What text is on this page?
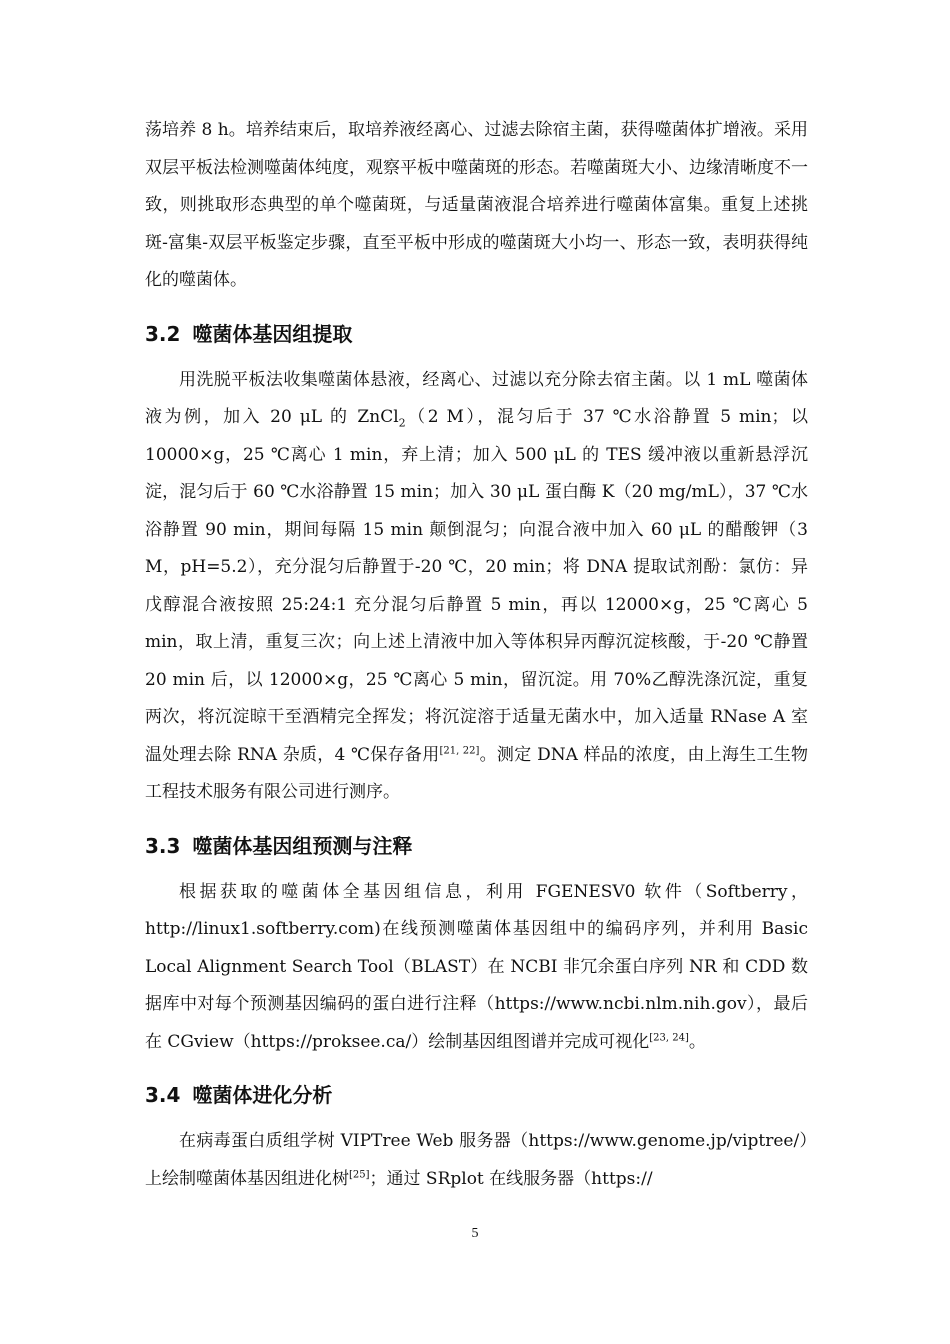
荡培养 8 h。培养结束后，取培养液经离心、过滤去除宿主菌，获得噬菌体扩增液。采用双层平板法检测噬菌体纯度，观察平板中噬菌斑的形态。若噬菌斑大小、边缘清晰度不一致，则挑取形态典型的单个噬菌斑，与适量菌液混合培养进行噬菌体富集。重复上述挑斑-富集-双层平板鉴定步骤，直至平板中形成的噬菌斑大小均一、形态一致，表明获得纯化的噬菌体。

3.2 噬菌体基因组提取

用洗脱平板法收集噬菌体悬液，经离心、过滤以充分除去宿主菌。以 1 mL 噬菌体液为例，加入 20 μL 的 ZnCl$_2$（2 M），混匀后于 37 ℃水浴静置 5 min；以 10000×g，25 ℃离心 1 min，弃上清；加入 500 μL 的 TES 缓冲液以重新悬浮沉淀，混匀后于 60 ℃水浴静置 15 min；加入 30 μL 蛋白酶 K（20 mg/mL），37 ℃水浴静置 90 min，期间每隔 15 min 颠倒混匀；向混合液中加入 60 μL 的醋酸钾（3 M，pH=5.2），充分混匀后静置于-20 ℃，20 min；将 DNA 提取试剂酚：氯仿：异戊醇混合液按照 25:24:1 充分混匀后静置 5 min，再以 12000×g，25 ℃离心 5 min，取上清，重复三次；向上述上清液中加入等体积异丙醇沉淀核酸，于-20 ℃静置 20 min 后，以 12000×g，25 ℃离心 5 min，留沉淀。用 70%乙醇洗涤沉淀，重复两次，将沉淀晾干至酒精完全挥发；将沉淀溶于适量无菌水中，加入适量 RNase A 室温处理去除 RNA 杂质，4 ℃保存备用[21, 22]。测定 DNA 样品的浓度，由上海生工生物工程技术服务有限公司进行测序。

3.3 噬菌体基因组预测与注释

根据获取的噬菌体全基因组信息，利用 FGENESV0 软件（Softberry，http://linux1.softberry.com)在线预测噬菌体基因组中的编码序列，并利用 Basic Local Alignment Search Tool（BLAST）在 NCBI 非冗余蛋白序列 NR 和 CDD 数据库中对每个预测基因编码的蛋白进行注释（https://www.ncbi.nlm.nih.gov），最后在 CGview（https://proksee.ca/）绘制基因组图谱并完成可视化[23, 24]。

3.4 噬菌体进化分析

在病毒蛋白质组学树 VIPTree Web 服务器（https://www.genome.jp/viptree/）上绘制噬菌体基因组进化树[25]；通过 SRplot 在线服务器（https://

5
